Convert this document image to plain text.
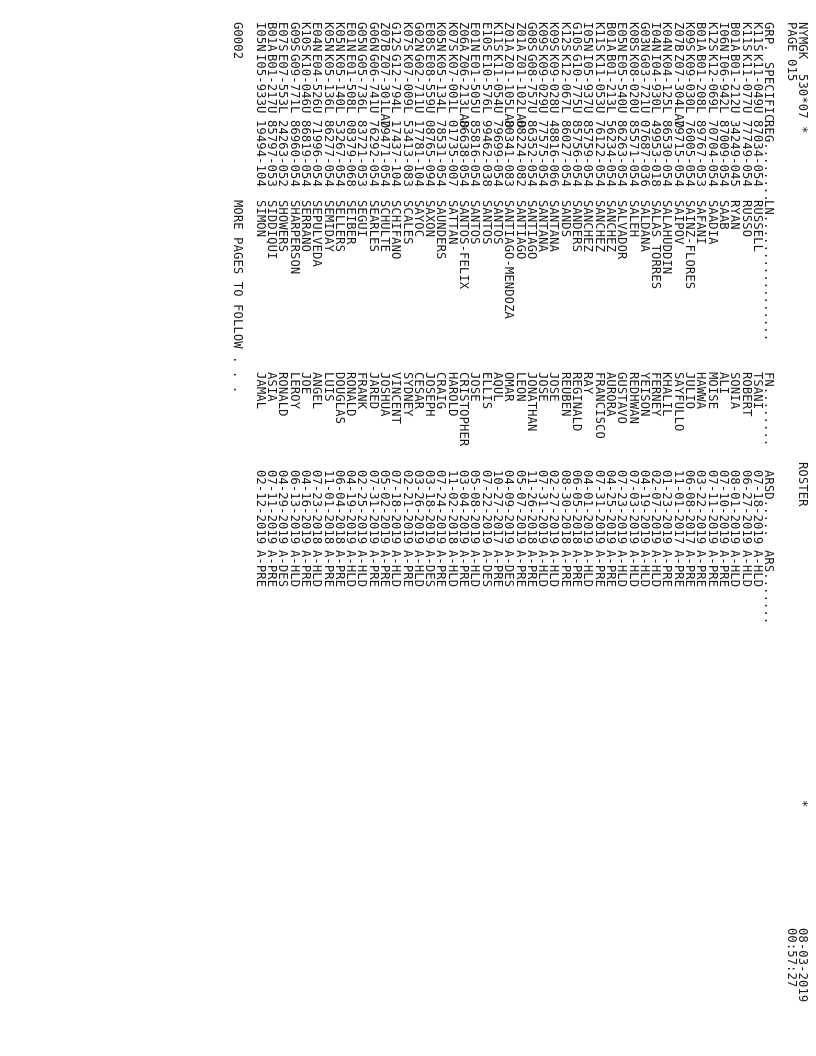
NYMGK  530*07 *

ROSTER

*

08-03-2019

PAGE 015

00:57:27

GRP.

SPECIFIC..

REG........

LN.................

FN........

ARSD.....

ARS.......

K11S
K11-049U
87034-054
RUSSELL
TSANI
07-18-2019
A-HLD
K11S
K11-077U
77749-054
RUSSO
ROBERT
06-27-2019
A-HLD
B01A
B01-212U
34249-045
RYAN
SONIA
08-01-2019
A-HLD
I06N
I06-942L
87009-054
SAAB
ALI
07-10-2019
A-PRE
K12S
K12-069L
70704-054
SAADIA
MOISE
07-11-2019
A-PRE
B01A
B01-208L
89767-053
SAFANI
HAWWA
03-22-2019
A-PRE
K09S
K09-030L
76005-054
SAINZ-FLORES
JULIO
06-08-2017
A-PRE
Z07B
Z07-304LAD
79715-054
SAIPOV
SAYFULLO
11-01-2017
A-PRE
K04N
K04-125L
86530-054
SALAHUDDIN
KHALIL
01-23-2019
A-PRE
I04N
I04-930L
49953-018
SALAS TORRES
FERNEY
02-07-2019
A-HLD
G03N
G03-721U
07687-036
SALDANA
YEISON
04-19-2019
A-HLD
K08S
K08-020U
85571-054
SALEH
REDHWAN
07-03-2019
A-HLD
E05N
E05-540U
86263-054
SALVADOR
GUSTAVO
07-23-2019
A-HLD
B01A
B01-213L
56234-054
SANCHEZ
AURORA
04-25-2019
A-PRE
K11S
K11-053U
76122-054
SANCHEZ
FRANCISCO
07-31-2019
A-PRE
I05N
I05-937U
85759-054
SANCHEZ
RAY
04-01-2019
A-HLD
G10S
G10-775U
85756-054
SANDERS
REGINALD
06-05-2018
A-PRE
K12S
K12-067L
86027-054
SANDS
REUBEN
08-30-2018
A-PRE
K09S
K09-028U
48816-066
SANTANA
JOSE
02-27-2019
A-HLD
K09S
K09-029U
77575-054
SANTANA
JOSE
07-31-2019
A-HLD
G08S
G08-757U
86352-054
SANTIAGO
JONATHAN
11-26-2018
A-PRE
Z01A
Z01-102LAD
08224-082
SANTIAGO
LEON
05-07-2019
A-PRE
Z01A
Z01-105LAD
80341-083
SANTIAGO-MENDOZA
OMAR
04-09-2019
A-DES
K11S
K11-054U
79699-054
SANTOS
AQUL
10-27-2017
A-PRE
E10S
E10-576L
99462-038
SANTOS
ELLIS
07-22-2019
A-DES
E01N
E01-505U
85816-054
SANTOS
JOSE
05-08-2019
A-HLD
Z06A
Z06-213LAD
86638-054
SANTOS-FELIX
CRISTOPHER
03-04-2019
A-PRE
K07S
K07-001L
01735-007
SATTAN
HAROLD
11-02-2018
A-HLD
K05N
K05-134L
78531-054
SAUNDERS
CRAIG
07-24-2019
A-PRE
E08S
E08-559U
08765-094
SAXON
JOSEPH
03-18-2019
A-DES
G02N
G02-711U
17781-104
SAYOC
CESAR
03-26-2019
A-HLD
K07S
K07-009L
53413-083
SCALES
SYDNEY
02-21-2019
A-PRE
G12S
G12-794L
17437-104
SCHIFANO
VINCENT
07-18-2019
A-HLD
Z07B
Z07-301LAD
79471-054
SCHULTE
JOSHUA
05-02-2019
A-PRE
G06N
G06-741U
76292-054
SEARLES
JARED
07-31-2019
A-PRE
G05N
G05-736L
83721-053
SEGUI
FRANK
02-25-2019
A-HLD
E01N
E01-508L
08379-068
SEIBER
RONALD
04-19-2019
A-HLD
K05N
K05-140L
53267-054
SELLERS
DOUGLAS
06-04-2018
A-PRE
K05N
K05-136L
86277-054
SEMIDAY
LUIS
11-01-2018
A-PRE
E04N
E04-526U
71996-054
SEPULVEDA
ANGEL
07-23-2018
A-HLD
K10S
K10-046U
86819-054
SERRANO
JOE
04-16-2019
A-PRE
G09S
G09-771L
86960-054
SHARPERSON
LEROY
06-13-2019
A-HLD
E07S
E07-553L
24263-052
SHOWERS
RONALD
04-29-2019
A-DES
B01A
B01-217U
85797-053
SIDDIQUI
ASIA
07-11-2019
A-PRE
I05N
I05-933U
19494-104
SIMON
JAMAL
02-12-2019
A-PRE

G0002

MORE PAGES TO FOLLOW . . .
